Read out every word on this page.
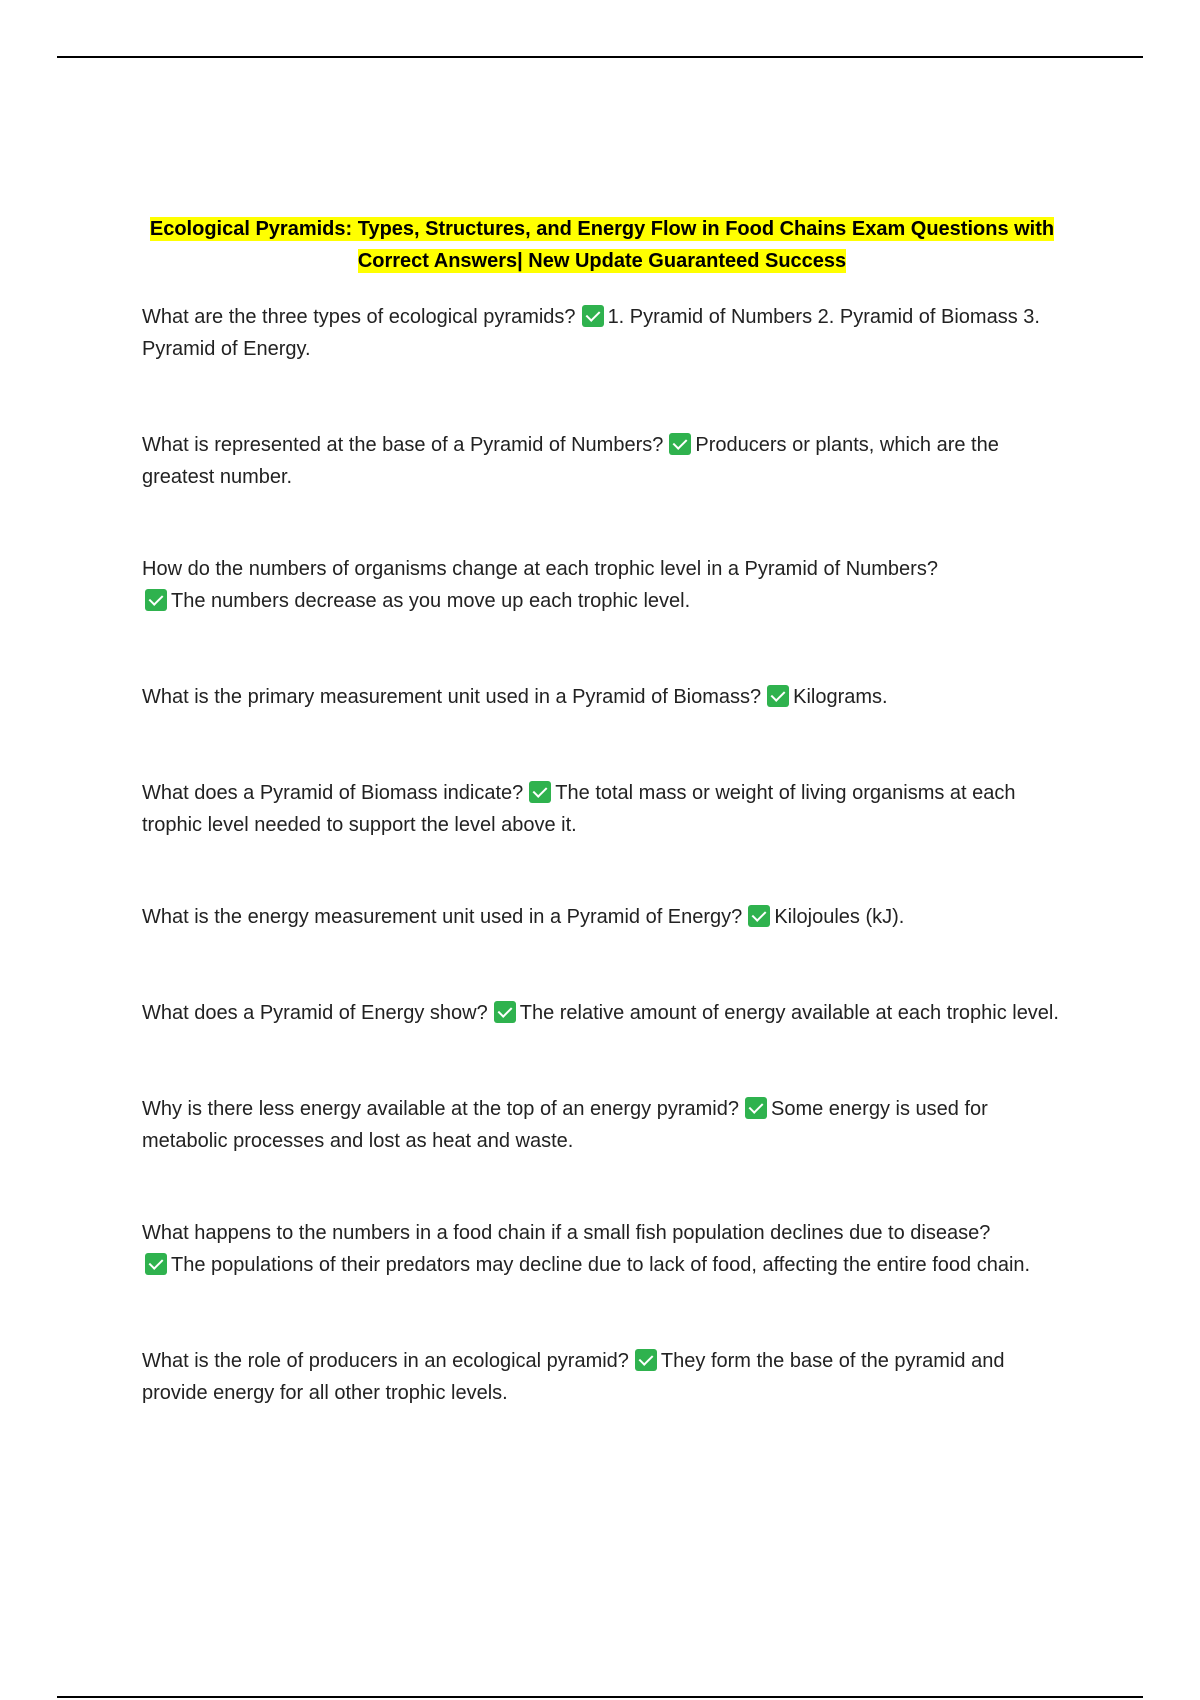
Ecological Pyramids: Types, Structures, and Energy Flow in Food Chains Exam Questions with
Correct Answers| New Update Guaranteed Success

What are the three types of ecological pyramids? 1. Pyramid of Numbers 2. Pyramid of Biomass 3. Pyramid of Energy.

What is represented at the base of a Pyramid of Numbers? Producers or plants, which are the greatest number.

How do the numbers of organisms change at each trophic level in a Pyramid of Numbers?
The numbers decrease as you move up each trophic level.

What is the primary measurement unit used in a Pyramid of Biomass? Kilograms.

What does a Pyramid of Biomass indicate? The total mass or weight of living organisms at each trophic level needed to support the level above it.

What is the energy measurement unit used in a Pyramid of Energy? Kilojoules (kJ).

What does a Pyramid of Energy show? The relative amount of energy available at each trophic level.

Why is there less energy available at the top of an energy pyramid? Some energy is used for metabolic processes and lost as heat and waste.

What happens to the numbers in a food chain if a small fish population declines due to disease?
The populations of their predators may decline due to lack of food, affecting the entire food chain.

What is the role of producers in an ecological pyramid? They form the base of the pyramid and provide energy for all other trophic levels.
